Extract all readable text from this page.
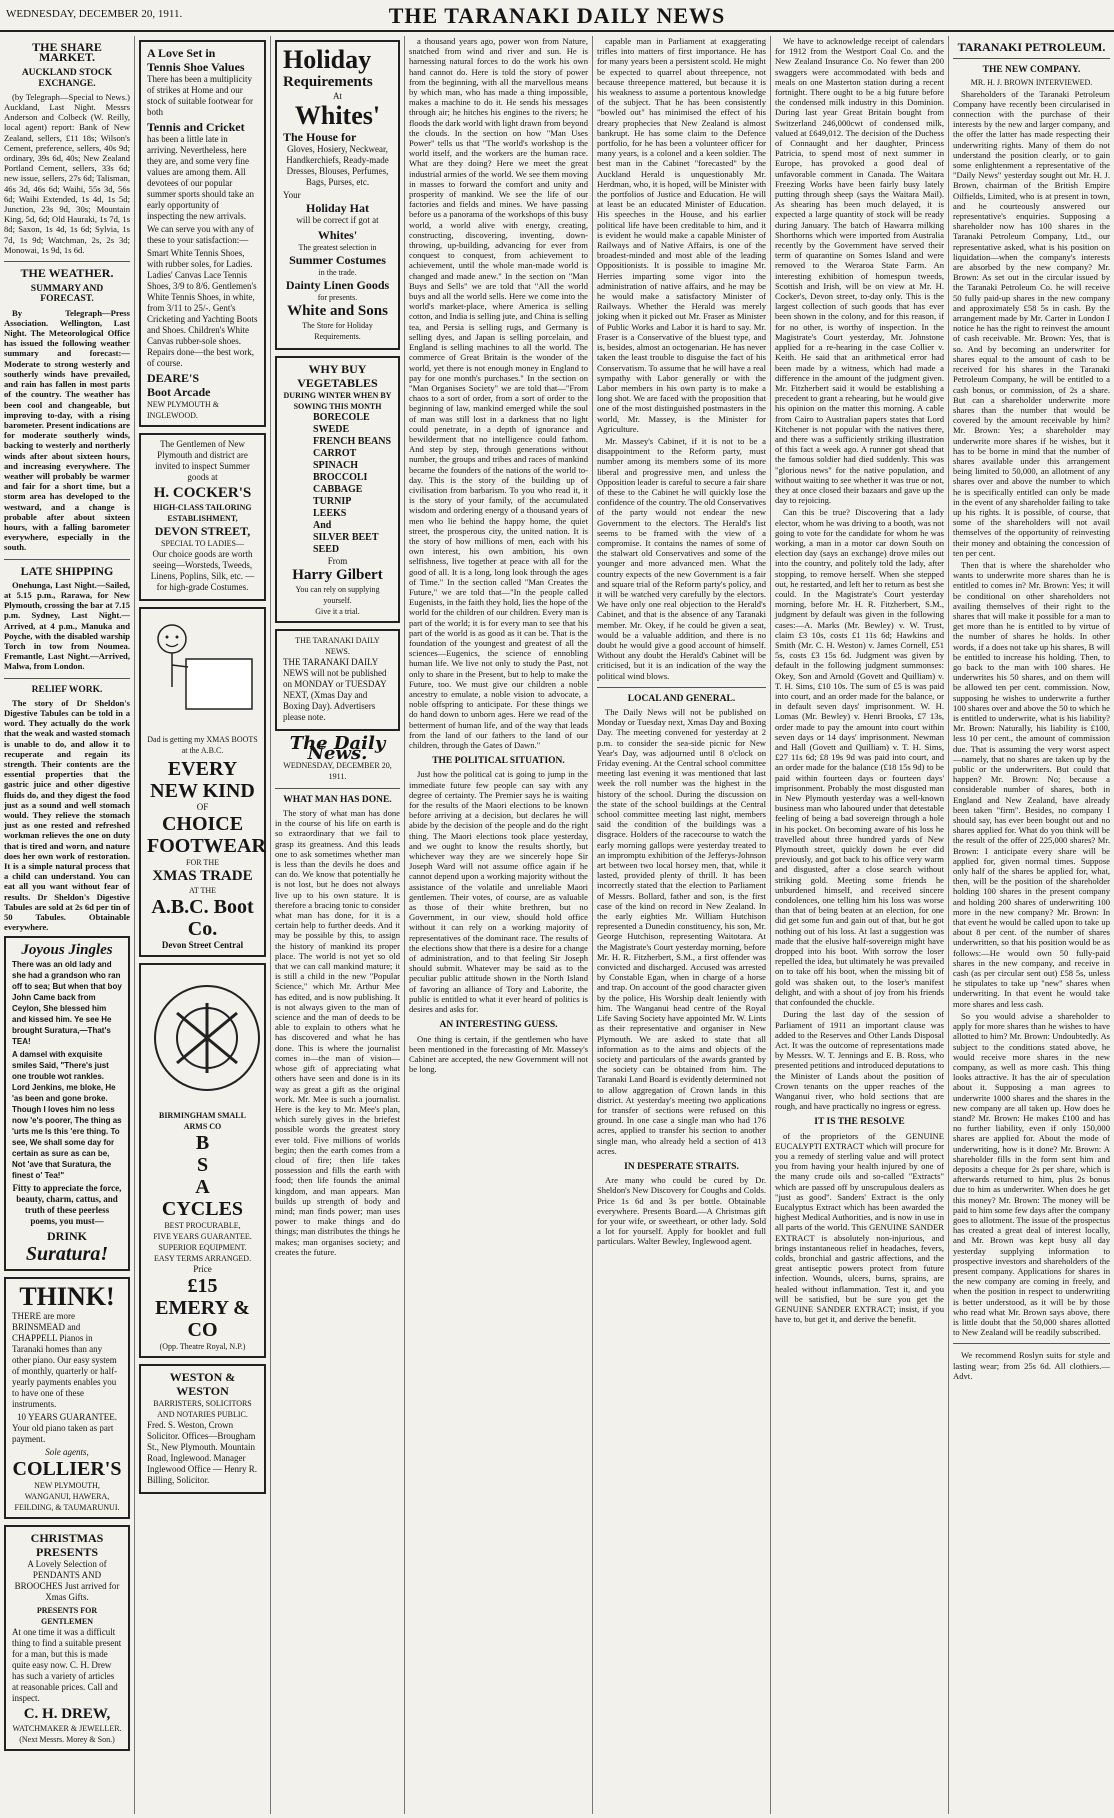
WEDNESDAY, DECEMBER 20, 1911.	THE TARANAKI DAILY NEWS
THE SHARE MARKET.
AUCKLAND STOCK EXCHANGE.

(by Telegraph—Special to News.) Auckland, Last Night. Messrs Anderson and Colbeck (W. Reilly, local agent) report: Bank of New Zealand, sellers, £11 18s; Wilson's Cement, preference, sellers, 40s 9d; ordinary, 39s 6d, 40s; New Zealand Portland Cement, sellers, 33s 6d; new issue, sellers, 27s 6d; Talisman, 46s 3d, 46s 6d; Waihi, 55s 3d, 56s 6d; Waihi Extended, 1s 4d, 1s 5d; Junction, 23s 9d, 30s; Mountain King, 5d, 6d; Old Hauraki, 1s 7d, 1s 8d; Saxon, 1s 4d, 1s 6d; Sylvia, 1s 7d, 1s 9d; Watchman, 2s, 2s 3d; Monowai, 1s 9d, 1s 6d.

THE WEATHER.
SUMMARY AND FORECAST.

By Telegraph—Press Association. Wellington, Last Night. The Meteorological Office has issued the following weather summary and forecast:—Moderate to strong westerly and southerly winds have prevailed, and rain has fallen in most parts of the country. The weather has been cool and changeable, but improving to-day, with a rising barometer. Present indications are for moderate southerly winds, backing to westerly and northerly winds after about sixteen hours, and increasing everywhere. The weather will probably be warmer and fair for a short time, but a storm area has developed to the westward, and a change is probable after about sixteen hours, with a falling barometer everywhere, especially in the south.

LATE SHIPPING

Onehunga, Last Night.—Sailed, at 5.15 p.m., Rarawa, for New Plymouth, crossing the bar at 7.15 p.m. Sydney, Last Night.—Arrived, at 4 p.m., Manuka and Poyche, with the disabled warship Torch in tow from Noumea. Fremantle, Last Night.—Arrived, Malwa, from London.

RELIEF WORK.

The story of Dr Sheldon's Digestive Tabules can be told in a word. They actually do the work that the weak and wasted stomach is unable to do, and allow it to recuperate and regain its strength. Their contents are the essential properties that the gastric juice and other digestive fluids do, and they digest the food just as a sound and well stomach would. They relieve the stomach just as one rested and refreshed workman relieves the one on duty that is tired and worn, and nature does her own work of restoration. It is a simple natural process that a child can understand. You can eat all you want without fear of results. Dr Sheldon's Digestive Tabules are sold at 2s 6d per tin of 50 Tabules. Obtainable everywhere.

Joyous Jingles

There was an old lady and she had a grandson who ran off to sea; But when that boy John Came back from Ceylon, She blessed him and kissed him. Ye see He brought Suratura,—That's TEA!

A damsel with exquisite smiles Said, "There's just one trouble wot rankles. Lord Jenkins, me bloke, He 'as been and gone broke. Though I loves him no less now 'e's poorer, The thing as 'urts me Is this 'ere thing. To see, We shall some day for certain as sure as can be, Not 'ave that Suratura, the finest o' Tea!"

Fitty to appreciate the force, beauty, charm, cattus, and truth of these peerless poems, you must—

DRINK
Suratura!
THINK!

THERE are more BRINSMEAD and CHAPPELL Pianos in Taranaki homes than any other piano. Our easy system of monthly, quarterly or half-yearly payments enables you to have one of these instruments.

10 YEARS GUARANTEE.

Your old piano taken as part payment.

Sole agents,
COLLIER'S
NEW PLYMOUTH, WANGANUI, HAWERA, FEILDING, & TAUMARUNUI.
CHRISTMAS PRESENTS

A Lovely Selection of PENDANTS AND BROOCHES Just arrived for Xmas Gifts.

PRESENTS FOR GENTLEMEN

At one time it was a difficult thing to find a suitable present for a man, but this is made quite easy now. C. H. Drew has such a variety of articles at reasonable prices. Call and inspect.

C. H. DREW,
WATCHMAKER & JEWELLER.
(Next Messrs. Morey & Son.)
A Love Set in
Tennis Shoe Values

There has been a multiplicity of strikes at Home and our stock of suitable footwear for both

Tennis and Cricket

has been a little late in arriving. Nevertheless, here they are, and some very fine values are among them. All devotees of our popular summer sports should take an early opportunity of inspecting the new arrivals.

We can serve you with any of these to your satisfaction:—

Smart White Tennis Shoes, with rubber soles, for Ladies. Ladies' Canvas Lace Tennis Shoes, 3/9 to 8/6. Gentlemen's White Tennis Shoes, in white, from 3/11 to 25/-. Gent's Cricketing and Yachting Boots and Shoes. Children's White Canvas rubber-sole shoes. Repairs done—the best work, of course.

DEARE'S
Boot Arcade
NEW PLYMOUTH & INGLEWOOD.

The Gentlemen of New Plymouth and district are invited to inspect Summer goods at

H. COCKER'S
HIGH-CLASS TAILORING ESTABLISHMENT,
DEVON STREET,
SPECIAL TO LADIES—

Our choice goods are worth seeing—Worsteds, Tweeds, Linens, Poplins, Silk, etc. — for high-grade Costumes.

Dad is getting my XMAS BOOTS at the A.B.C.

EVERY NEW KIND
OF
CHOICE FOOTWEAR
FOR THE
XMAS TRADE
AT THE
A.B.C. Boot Co.
Devon Street Central
BIRMINGHAM SMALL ARMS CO
B
S
A
CYCLES
BEST PROCURABLE,
FIVE YEARS GUARANTEE.
SUPERIOR EQUIPMENT.
EASY TERMS ARRANGED.
Price
£15
EMERY & CO
(Opp. Theatre Royal, N.P.)
WESTON & WESTON
BARRISTERS, SOLICITORS AND NOTARIES PUBLIC.

Fred. S. Weston, Crown Solicitor. Offices—Brougham St., New Plymouth. Mountain Road, Inglewood. Manager Inglewood Office — Henry R. Billing, Solicitor.

Holiday
Requirements
At
Whites'
The House for

Gloves, Hosiery, Neckwear, Handkerchiefs, Ready-made Dresses, Blouses, Perfumes, Bags, Purses, etc.

Your
Holiday Hat

will be correct if got at

Whites'
The greatest selection in
Summer Costumes
in the trade.
Dainty Linen Goods
for presents.
White and Sons

The Store for Holiday Requirements.

WHY BUY VEGETABLES
DURING WINTER WHEN BY SOWING THIS MONTH
BORECOLE
SWEDE
FRENCH BEANS
CARROT
SPINACH
BROCCOLI
CABBAGE
TURNIP
LEEKS
And
SILVER BEET SEED
From
Harry Gilbert
You can rely on supplying yourself.
Give it a trial.
THE TARANAKI DAILY NEWS.

THE TARANAKI DAILY NEWS will not be published on MONDAY or TUESDAY NEXT, (Xmas Day and Boxing Day). Advertisers please note.

The Daily News.
WEDNESDAY, DECEMBER 20, 1911.
WHAT MAN HAS DONE.

The story of what man has done in the course of his life on earth is so extraordinary that we fail to grasp its greatness. And this leads one to ask sometimes whether man is less than the devils he does and can do. We know that potentially he is not lost, but he does not always live up to his own stature. It is therefore a bracing tonic to consider what man has done, for it is a certain help to further deeds. And it may be possible by this, to assign the history of mankind its proper place. The world is not yet so old that we can call mankind mature; it is still a child in the new "Popular Science," which Mr. Arthur Mee has edited, and is now publishing. It is not always given to the man of science and the man of deeds to be able to explain to others what he has discovered and what he has done. This is where the journalist comes in—the man of vision—whose gift of appreciating what others have seen and done is in its way as great a gift as the original work. Mr. Mee is such a journalist. Here is the key to Mr. Mee's plan, which surely gives in the briefest possible words the greatest story ever told. Five millions of worlds begin; then the earth comes from a cloud of fire; then life takes possession and fills the earth with food; then life founds the animal kingdom, and man appears. Man builds up strength of body and mind; man finds power; man uses power to make things and do things; man distributes the things he makes; man organises society; and creates the future.

a thousand years ago, power won from Nature, snatched from wind and river and sun. He is harnessing natural forces to do the work his own hand cannot do. Here is told the story of power from the beginning, with all the marvellous means by which man, who has made a thing impossible, makes a machine to do it. He sends his messages through air; he hitches his engines to the rivers; he floods the dark world with light drawn from beyond the clouds. In the section on how "Man Uses Power" tells us that "The world's workshop is the world itself, and the workers are the human race. What are they doing? Here we meet the great industrial armies of the world. We see them moving in masses to forward the comfort and unity and prosperity of mankind. We see the life of our factories and fields and mines. We have passing before us a panorama of the workshops of this busy world, a world alive with energy, creating, constructing, discovering, inventing, down-throwing, up-building, advancing for ever from conquest to conquest, from achievement to achievement, until the whole man-made world is changed and made anew." In the section on "Man Buys and Sells" we are told that "All the world buys and all the world sells. Here we come into the world's market-place, where America is selling cotton, and India is selling jute, and China is selling tea, and Persia is selling rugs, and Germany is selling dyes, and Japan is selling porcelain, and England is selling machines to all the world. The commerce of Great Britain is the wonder of the world, yet there is not enough money in England to pay for one month's purchases." In the section on "Man Organises Society" we are told that—"From chaos to a sort of order, from a sort of order to the beginning of law, mankind emerged while the soul of man was still lost in a darkness that no light could penetrate, in a depth of ignorance and bewilderment that no intelligence could fathom. And step by step, through generations without number, the groups and tribes and races of mankind became the founders of the nations of the world to-day. This is the story of the building up of civilisation from barbarism. To you who read it, it is the story of your family, of the accumulated wisdom and ordering energy of a thousand years of men who lie behind the happy home, the quiet street, the prosperous city, the united nation. It is the story of how millions of men, each with his own interest, his own ambition, his own selfishness, live together at peace with all for the good of all. It is a long, long look through the ages of Time." In the section called "Man Creates the Future," we are told that—"In the people called Eugenists, in the faith they hold, lies the hope of the world for the children of our children. Every man is part of the world; it is for every man to see that his part of the world is as good as it can be. That is the foundation of the youngest and greatest of all the sciences—Eugenics, the science of ennobling human life. We live not only to study the Past, not only to share in the Present, but to help to make the Future, too. We must give our children a noble ancestry to emulate, a noble vision to advocate, a noble offspring to anticipate. For these things we do hand down to unborn ages. Here we read of the betterment of human life, and of the way that leads from the land of our fathers to the land of our children, through the Gates of Dawn."

THE POLITICAL SITUATION.

Just how the political cat is going to jump in the immediate future few people can say with any degree of certainty. The Premier says he is waiting for the results of the Maori elections to be known before arriving at a decision, but declares he will abide by the decision of the people and do the right thing. The Maori elections took place yesterday, and we ought to know the results shortly, but whichever way they are we sincerely hope Sir Joseph Ward will not assume office again if he cannot depend upon a working majority without the assistance of the volatile and unreliable Maori gentlemen. Their votes, of course, are as valuable as those of their white brethren, but no Government, in our view, should hold office without it can rely on a working majority of representatives of the dominant race. The results of the elections show that there is a desire for a change of administration, and to that feeling Sir Joseph should submit. Whatever may be said as to the peculiar public attitude shown in the North Island of favoring an alliance of Tory and Laborite, the public is entitled to what it ever heard of politics is desires and asks for.

AN INTERESTING GUESS.

One thing is certain, if the gentlemen who have been mentioned in the forecasting of Mr. Massey's Cabinet are accepted, the new Government will not be long.

capable man in Parliament at exaggerating trifles into matters of first importance. He has for many years been a persistent scold. He might be expected to quarrel about threepence, not because threepence mattered, but because it is his weakness to assume a portentous knowledge of the subject. That he has been consistently "bowled out" has minimised the effect of his dreary prophecies that New Zealand is almost bankrupt. He has some claim to the Defence portfolio, for he has been a volunteer officer for many years, is a colonel and a keen soldier. The best man in the Cabinet "forecasted" by the Auckland Herald is unquestionably Mr. Herdman, who, it is hoped, will be Minister with the portfolios of Justice and Education. He will at least be an educated Minister of Education. His speeches in the House, and his earlier political life have been creditable to him, and it is evident he would make a capable Minister of Railways and of Native Affairs, is one of the broadest-minded and most able of the leading Oppositionists. It is possible to imagine Mr. Herries imparting some vigor into the administration of native affairs, and he may be he would make a satisfactory Minister of Railways. Whether the Herald was merely joking when it picked out Mr. Fraser as Minister of Public Works and Labor it is hard to say. Mr. Fraser is a Conservative of the bluest type, and is, besides, almost an octogenarian. He has never taken the least trouble to disguise the fact of his Conservatism. To assume that he will have a real sympathy with Labor generally or with the Labor members in his own party is to make a long shot. We are faced with the proposition that one of the most distinguished postmasters in the world, Mr. Massey, is the Minister for Agriculture.

Mr. Massey's Cabinet, if it is not to be a disappointment to the Reform party, must number among its members some of its more liberal and progressive men, and unless the Opposition leader is careful to secure a fair share of these to the Cabinet he will quickly lose the confidence of the country. The old Conservatives of the party would not endear the new Government to the electors. The Herald's list seems to be framed with the view of a compromise. It contains the names of some of the stalwart old Conservatives and some of the younger and more advanced men. What the country expects of the new Government is a fair and square trial of the Reform party's policy, and it will be watched very carefully by the electors. We have only one real objection to the Herald's Cabinet, and that is the absence of any Taranaki member. Mr. Okey, if he could be given a seat, would be a valuable addition, and there is no doubt he would give a good account of himself. Without any doubt the Herald's Cabinet will be criticised, but it is an indication of the way the political wind blows.

LOCAL AND GENERAL.

The Daily News will not be published on Monday or Tuesday next, Xmas Day and Boxing Day. The meeting convened for yesterday at 2 p.m. to consider the sea-side picnic for New Year's Day, was adjourned until 8 o'clock on Friday evening. At the Central school committee meeting last evening it was mentioned that last week the roll number was the highest in the history of the school. During the discussion on the state of the school buildings at the Central school committee meeting last night, members said the condition of the buildings was a disgrace. Holders of the racecourse to watch the early morning gallops were yesterday treated to an impromptu exhibition of the Jefferys-Johnson art between two local horsey men, that, while it lasted, provided plenty of thrill. It has been incorrectly stated that the election to Parliament of Messrs. Bollard, father and son, is the first case of the kind on record in New Zealand. In the early eighties Mr. William Hutchison represented a Dunedin constituency, his son, Mr. George Hutchison, representing Waitotara. At the Magistrate's Court yesterday morning, before Mr. H. R. Fitzherbert, S.M., a first offender was convicted and discharged. Accused was arrested by Constable Egan, when in charge of a horse and trap. On account of the good character given by the police, His Worship dealt leniently with him. The Wanganui head centre of the Royal Life Saving Society have appointed Mr. W. Lints as their representative and organiser in New Plymouth. We are asked to state that all information as to the aims and objects of the society and particulars of the awards granted by the society can be obtained from him. The Taranaki Land Board is evidently determined not to allow aggregation of Crown lands in this district. At yesterday's meeting two applications for transfer of sections were refused on this ground. In one case a single man who had 176 acres, applied to transfer his section to another single man, who already held a section of 413 acres.

IN DESPERATE STRAITS.

Are many who could be cured by Dr. Sheldon's New Discovery for Coughs and Colds. Price 1s 6d and 3s per bottle. Obtainable everywhere. Presents Board.—A Christmas gift for your wife, or sweetheart, or other lady. Sold a lot for yourself. Apply for booklet and full particulars. Walter Bewley, Inglewood agent.

We have to acknowledge receipt of calendars for 1912 from the Westport Coal Co. and the New Zealand Insurance Co. No fewer than 200 swaggers were accommodated with beds and meals on one Masterton station during a recent fortnight. There ought to be a big future before the condensed milk industry in this Dominion. During last year Great Britain bought from Switzerland 246,000cwt of condensed milk, valued at £649,012. The decision of the Duchess of Connaught and her daughter, Princess Patricia, to spend most of next summer in Europe, has provoked a good deal of unfavorable comment in Canada. The Waitara Freezing Works have been fairly busy lately putting through sheep (says the Waitara Mail). As shearing has been much delayed, it is expected a large quantity of stock will be ready during January. The batch of Hawarra milking Shorthorns which were imported from Australia recently by the Government have served their term of quarantine on Somes Island and were removed to the Weraroa State Farm. An interesting exhibition of homespun tweeds, Scottish and Irish, will be on view at Mr. H. Cocker's, Devon street, to-day only. This is the largest collection of such goods that has ever been shown in the colony, and for this reason, if for no other, is worthy of inspection. In the Magistrate's Court yesterday, Mr. Johnstone applied for a re-hearing in the case Collier v. Keith. He said that an arithmetical error had been made by a witness, which had made a difference in the amount of the judgment given. Mr. Fitzherbert said it would be establishing a precedent to grant a rehearing, but he would give his opinion on the matter this morning. A cable from Cairo to Australian papers states that Lord Kitchener is not popular with the natives there, and there was a sufficiently striking illustration of this fact a week ago. A runner got shead that the famous soldier had died suddenly. This was "glorious news" for the native population, and without waiting to see whether it was true or not, they at once closed their bazaars and gave up the day to rejoicing.

Can this be true? Discovering that a lady elector, whom he was driving to a booth, was not going to vote for the candidate for whom he was working, a man in a motor car down South on election day (says an exchange) drove miles out into the country, and politely told the lady, after stopping, to remove herself. When she stepped out, he restarted, and left her to return as best she could. In the Magistrate's Court yesterday morning, before Mr. H. R. Fitzherbert, S.M., judgment by default was given in the following cases:—A. Marks (Mr. Bewley) v. W. Trust, claim £3 10s, costs £1 11s 6d; Hawkins and Smith (Mr. C. H. Weston) v. James Cornell, £51 5s, costs £3 15s 6d. Judgment was given by default in the following judgment summonses: Okey, Son and Arnold (Govett and Quilliam) v. T. H. Sims, £10 10s. The sum of £5 is was paid into court, and an order made for the balance, or in default seven days' imprisonment. W. H. Lomas (Mr. Bewley) v. Henri Brooks, £7 13s, order made to pay the amount into court within seven days or 14 days' imprisonment. Newman and Hall (Govett and Quilliam) v. T. H. Sims, £27 11s 6d; £8 19s 9d was paid into court, and an order made for the balance (£18 15s 9d) to be paid within fourteen days or fourteen days' imprisonment. Probably the most disgusted man in New Plymouth yesterday was a well-known business man who laboured under that detestable feeling of being a bad sovereign through a hole in his pocket. On becoming aware of his loss he travelled about three hundred yards of New Plymouth street, quickly down he ever did previously, and got back to his office very warm and disgusted, after a close search without striking gold. Meeting some friends he unburdened himself, and received sincere condolences, one telling him his loss was worse than that of being beaten at an election, for one did get some fun and gain out of that, but he got nothing out of his loss. At last a suggestion was made that the elusive half-sovereign might have dropped into his boot. With sorrow the loser repelled the idea, but ultimately he was prevailed on to take off his boot, when the missing bit of gold was shaken out, to the loser's manifest delight, and with a shout of joy from his friends that confounded the chuckle.

During the last day of the session of Parliament of 1911 an important clause was added to the Reserves and Other Lands Disposal Act. It was the outcome of representations made by Messrs. W. T. Jennings and E. B. Ross, who presented petitions and introduced deputations to the Minister of Lands about the position of Crown tenants on the upper reaches of the Wanganui river, who hold sections that are rough, and have practically no ingress or egress.

IT IS THE RESOLVE

of the proprietors of the GENUINE EUCALYPTI EXTRACT which will procure for you a remedy of sterling value and will protect you from having your health injured by one of the many crude oils and so-called "Extracts" which are passed off by unscrupulous dealers as "just as good". Sanders' Extract is the only Eucalyptus Extract which has been awarded the highest Medical Authorities, and is now in use in all parts of the world. This GENUINE SANDER EXTRACT is absolutely non-injurious, and brings instantaneous relief in headaches, fevers, colds, bronchial and gastric affections, and the great antiseptic powers protect from future infection. Wounds, ulcers, burns, sprains, are healed without inflammation. Test it, and you will be satisfied, but be sure you get the GENUINE SANDER EXTRACT; insist, if you have to, but get it, and derive the benefit.

TARANAKI PETROLEUM.
THE NEW COMPANY.
MR. H. J. BROWN INTERVIEWED.

Shareholders of the Taranaki Petroleum Company have recently been circularised in connection with the purchase of their interests by the new and larger company, and the offer the latter has made respecting their underwriting rights. Many of them do not understand the position clearly, or to gain some enlightenment a representative of the "Daily News" yesterday sought out Mr. H. J. Brown, chairman of the British Empire Oilfields, Limited, who is at present in town, and he courteously answered our representative's enquiries. Supposing a shareholder now has 100 shares in the Taranaki Petroleum Company, Ltd., our representative asked, what is his position on liquidation—when the company's interests are absorbed by the new company? Mr. Brown: As set out in the circular issued by the Taranaki Petroleum Co. he will receive 50 fully paid-up shares in the new company and approximately £58 5s in cash. By the arrangement made by Mr. Carter in London I notice he has the right to reinvest the amount of cash receivable. Mr. Brown: Yes, that is so. And by becoming an underwriter for shares equal to the amount of cash to be received for his shares in the Taranaki Petroleum Company, he will be entitled to a cash bonus, or commission, of 2s a share. But can a shareholder underwrite more shares than the number that would be covered by the amount receivable by him? Mr. Brown: Yes; a shareholder may underwrite more shares if he wishes, but it has to be borne in mind that the number of shares available under this arrangement being limited to 50,000, an allotment of any shares over and above the number to which he is specifically entitled can only be made in the event of any shareholder failing to take up his rights. It is possible, of course, that some of the shareholders will not avail themselves of the opportunity of reinvesting their money and obtaining the concession of ten per cent.

Then that is where the shareholder who wants to underwrite more shares than he is entitled to comes in? Mr. Brown: Yes; it will be conditional on other shareholders not availing themselves of their right to the shares that will make it possible for a man to get more than he is entitled to by virtue of the number of shares he holds. In other words, if a does not take up his shares, B will be entitled to increase his holding. Then, to go back to the man with 100 shares. He underwrites his 50 shares, and on them will be allowed ten per cent. commission. Now, supposing he wishes to underwrite a further 100 shares over and above the 50 to which he is entitled to underwrite, what is his liability? Mr. Brown: Naturally, his liability is £100, less 10 per cent., the amount of commission due. That is assuming the very worst aspect—namely, that no shares are taken up by the public or the underwriters. But could that happen? Mr. Brown: No; because a considerable number of shares, both in England and New Zealand, have already been taken "firm". Besides, no company I should say, has ever been bought out and no shares applied for. What do you think will be the result of the offer of 225,000 shares? Mr. Brown: I anticipate every share will be applied for, given normal times. Suppose only half of the shares be applied for, what, then, will be the position of the shareholder holding 100 shares in the present company and holding 200 shares of underwriting 100 more in the new company? Mr. Brown: In that event he would be called upon to take up about 8 per cent. of the number of shares underwritten, so that his position would be as follows:—He would own 50 fully-paid shares in the new company, and receive in cash (as per circular sent out) £58 5s, unless he stipulates to take up "new" shares when underwriting. In that event he would take more shares and less cash.

So you would advise a shareholder to apply for more shares than he wishes to have allotted to him? Mr. Brown: Undoubtedly. As subject to the conditions stated above, he would receive more shares in the new company, as well as more cash. This thing looks attractive. It has the air of speculation about it. Supposing a man agrees to underwrite 1000 shares and the shares in the new company are all taken up. How does he stand? Mr. Brown: He makes £100 and has no further liability, even if only 150,000 shares are applied for. About the mode of underwriting, how is it done? Mr. Brown: A shareholder fills in the form sent him and deposits a cheque for 2s per share, which is afterwards returned to him, plus 2s bonus due to him as underwriter. When does he get this money? Mr. Brown: The money will be paid to him some few days after the company goes to allotment. The issue of the prospectus has created a great deal of interest locally, and Mr. Brown was kept busy all day yesterday supplying information to prospective investors and shareholders of the present company. Applications for shares in the new company are coming in freely, and when the position in respect to underwriting is better understood, as it will be by those who read what Mr. Brown says above, there is little doubt that the 50,000 shares allotted to New Zealand will be readily subscribed.

We recommend Roslyn suits for style and lasting wear; from 25s 6d. All clothiers.—Advt.
